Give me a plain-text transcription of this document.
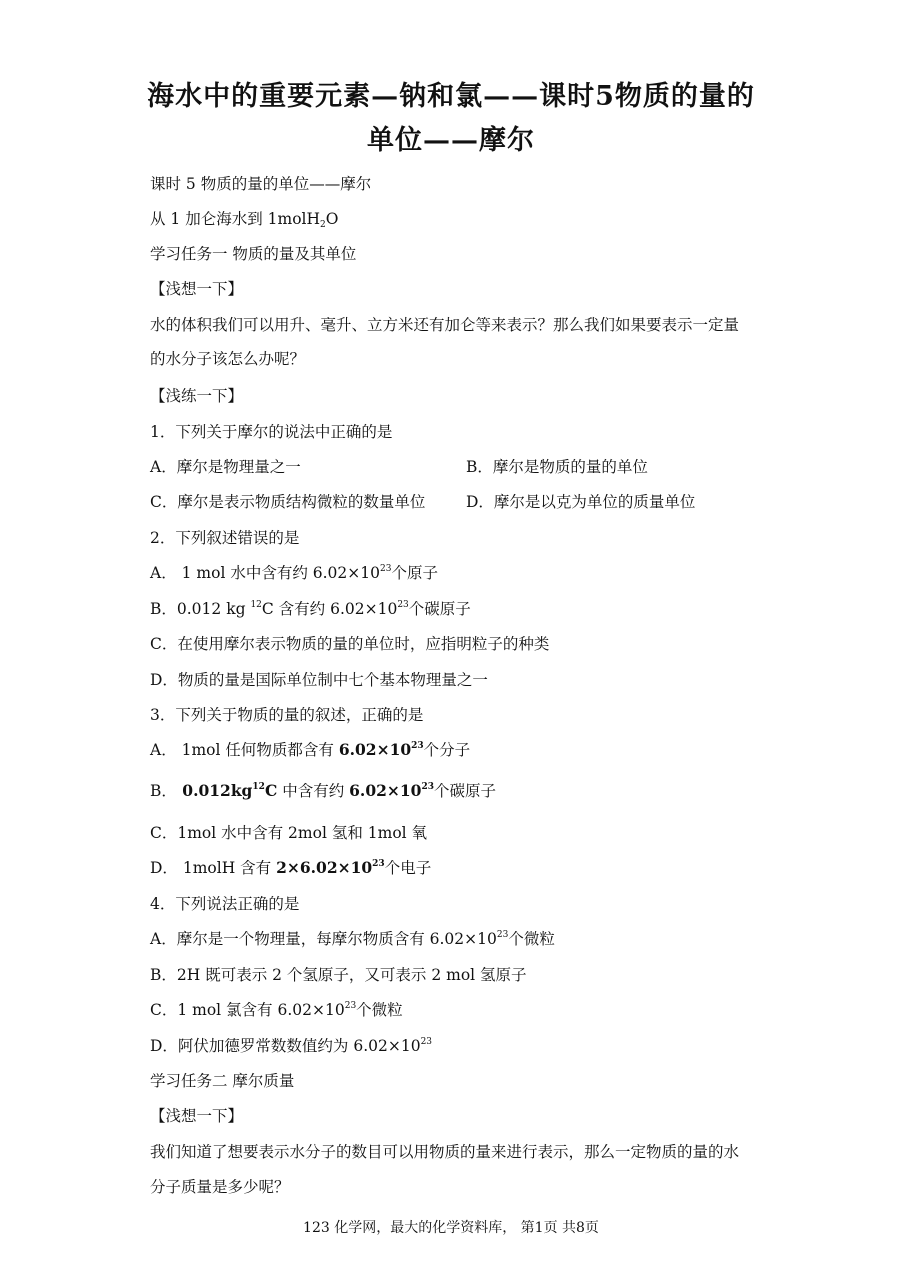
海水中的重要元素—钠和氯——课时5物质的量的
单位——摩尔
课时 5 物质的量的单位——摩尔
从 1 加仑海水到 1molH$_2$O
学习任务一 物质的量及其单位
【浅想一下】
水的体积我们可以用升、毫升、立方米还有加仑等来表示？那么我们如果要表示一定量
的水分子该怎么办呢？
【浅练一下】
1．下列关于摩尔的说法中正确的是
A．摩尔是物理量之一	B．摩尔是物质的量的单位
C．摩尔是表示物质结构微粒的数量单位	D．摩尔是以克为单位的质量单位
2．下列叙述错误的是
A． 1 mol 水中含有约 $6.02\times 10^{23}$个原子
B．0.012 kg $^{12}$C 含有约 $6.02\times 10^{23}$个碳原子
C．在使用摩尔表示物质的量的单位时，应指明粒子的种类
D．物质的量是国际单位制中七个基本物理量之一
3．下列关于物质的量的叙述，正确的是
A． 1mol 任何物质都含有 $6.02\times 10^{23}$个分子
B． $0.012kg^{12}C$ 中含有约 $6.02\times 10^{23}$个碳原子
C．1mol 水中含有 2mol 氢和 1mol 氧
D． 1molH 含有 $2\times 6.02\times 10^{23}$个电子
4．下列说法正确的是
A．摩尔是一个物理量，每摩尔物质含有 $6.02\times 10^{23}$个微粒
B．2H 既可表示 2 个氢原子，又可表示 2 mol 氢原子
C．1 mol 氯含有 $6.02\times 10^{23}$个微粒
D．阿伏加德罗常数数值约为 $6.02\times 10^{23}$
学习任务二 摩尔质量
【浅想一下】
我们知道了想要表示水分子的数目可以用物质的量来进行表示，那么一定物质的量的水
分子质量是多少呢？
123 化学网，最大的化学资料库， 第1页 共8页
